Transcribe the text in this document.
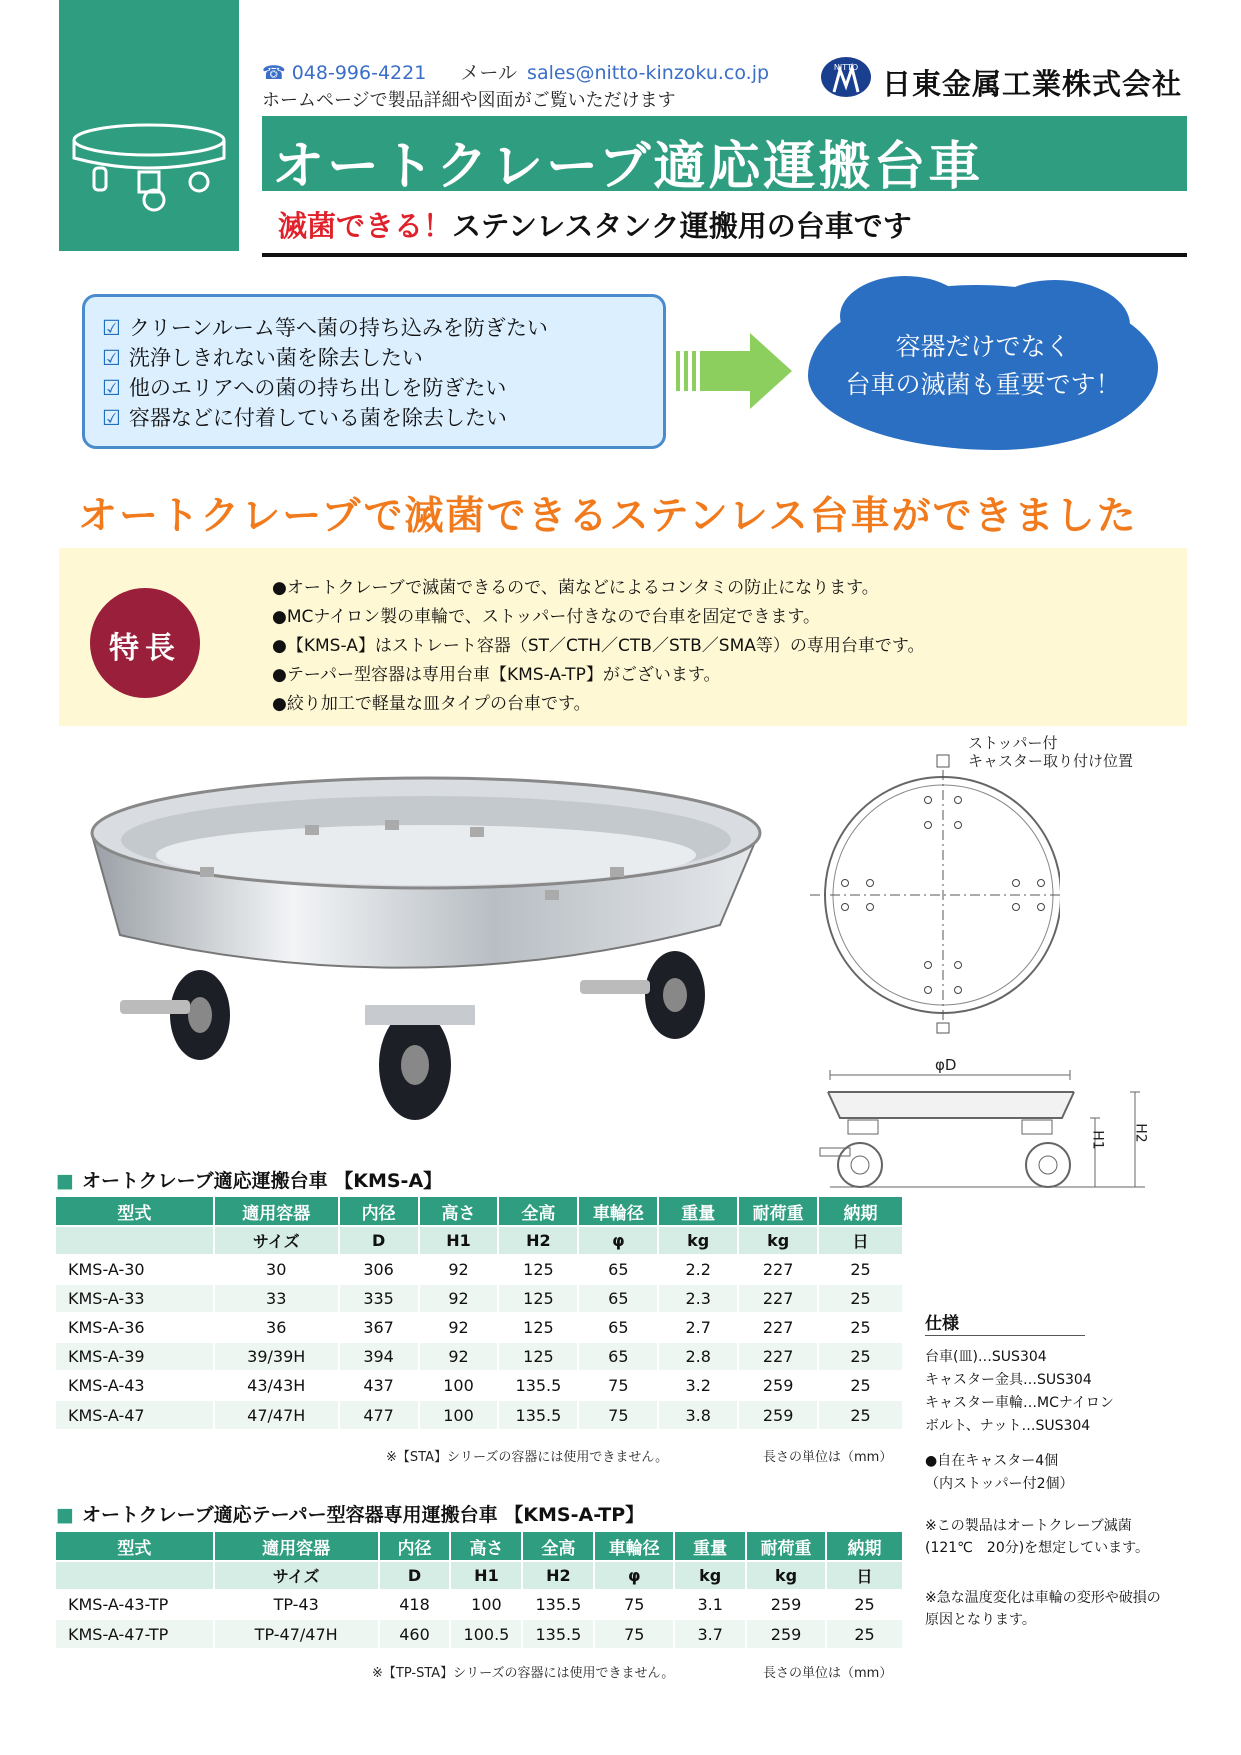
☎ 048-996-4221 メール sales@nitto-kinzoku.co.jp
ホームページで製品詳細や図面がご覧いただけます
NITTO 日東金属工業株式会社
オートクレーブ適応運搬台車
滅菌できる！ステンレスタンク運搬用の台車です
☑ クリーンルーム等へ菌の持ち込みを防ぎたい
☑ 洗浄しきれない菌を除去したい
☑ 他のエリアへの菌の持ち出しを防ぎたい
☑ 容器などに付着している菌を除去したい
容器だけでなく
台車の滅菌も重要です！
オートクレーブで滅菌できるステンレス台車ができました
特長
●オートクレーブで滅菌できるので、菌などによるコンタミの防止になります。
●MCナイロン製の車輪で、ストッパー付きなので台車を固定できます。
●【KMS-A】はストレート容器（ST／CTH／CTB／STB／SMA等）の専用台車です。
●テーパー型容器は専用台車【KMS-A-TP】がございます。
●絞り加工で軽量な皿タイプの台車です。
ストッパー付
キャスター取り付け位置
φD
H1 H2
■ オートクレーブ適応運搬台車 【KMS-A】
型式	適用容器	内径	高さ	全高	車輪径	重量	耐荷重	納期
	サイズ	D	H1	H2	φ	kg	kg	日
KMS-A-30	30	306	92	125	65	2.2	227	25
KMS-A-33	33	335	92	125	65	2.3	227	25
KMS-A-36	36	367	92	125	65	2.7	227	25
KMS-A-39	39/39H	394	92	125	65	2.8	227	25
KMS-A-43	43/43H	437	100	135.5	75	3.2	259	25
KMS-A-47	47/47H	477	100	135.5	75	3.8	259	25
※【STA】シリーズの容器には使用できません。	長さの単位は（mm）
■ オートクレーブ適応テーパー型容器専用運搬台車 【KMS-A-TP】
型式	適用容器	内径	高さ	全高	車輪径	重量	耐荷重	納期
	サイズ	D	H1	H2	φ	kg	kg	日
KMS-A-43-TP	TP-43	418	100	135.5	75	3.1	259	25
KMS-A-47-TP	TP-47/47H	460	100.5	135.5	75	3.7	259	25
※【TP-STA】シリーズの容器には使用できません。	長さの単位は（mm）
仕様
台車(皿)…SUS304
キャスター金具…SUS304
キャスター車輪…MCナイロン
ボルト、ナット…SUS304
●自在キャスター4個
（内ストッパー付2個）
※この製品はオートクレーブ滅菌(121℃　20分)を想定しています。
※急な温度変化は車輪の変形や破損の原因となります。
